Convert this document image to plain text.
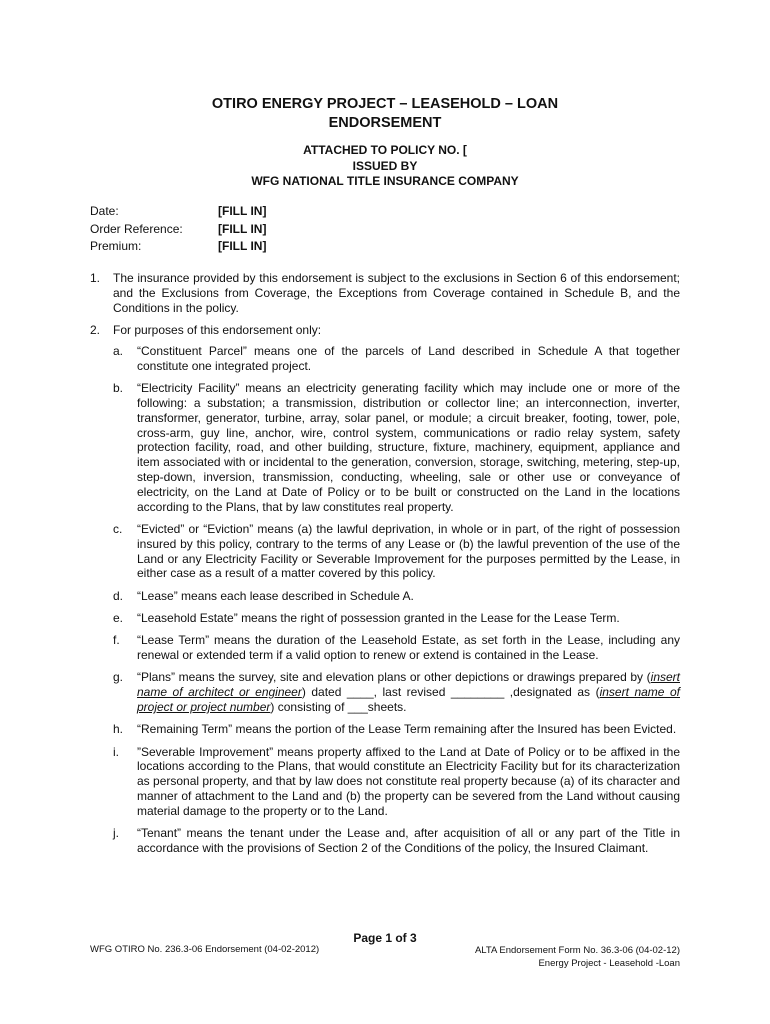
OTIRO ENERGY PROJECT – LEASEHOLD – LOAN
ENDORSEMENT
ATTACHED TO POLICY NO. [
ISSUED BY
WFG NATIONAL TITLE INSURANCE COMPANY
Date:	[FILL IN]
Order Reference:	[FILL IN]
Premium:	[FILL IN]
1.	The insurance provided by this endorsement is subject to the exclusions in Section 6 of this endorsement; and the Exclusions from Coverage, the Exceptions from Coverage contained in Schedule B, and the Conditions in the policy.
2.	For purposes of this endorsement only:
a.	“Constituent Parcel” means one of the parcels of Land described in Schedule A that together constitute one integrated project.
b.	“Electricity Facility” means an electricity generating facility which may include one or more of the following: a substation; a transmission, distribution or collector line; an interconnection, inverter, transformer, generator, turbine, array, solar panel, or module; a circuit breaker, footing, tower, pole, cross-arm, guy line, anchor, wire, control system, communications or radio relay system, safety protection facility, road, and other building, structure, fixture, machinery, equipment, appliance and item associated with or incidental to the generation, conversion, storage, switching, metering, step-up, step-down, inversion, transmission, conducting, wheeling, sale or other use or conveyance of electricity, on the Land at Date of Policy or to be built or constructed on the Land in the locations according to the Plans, that by law constitutes real property.
c.	“Evicted” or “Eviction” means (a) the lawful deprivation, in whole or in part, of the right of possession insured by this policy, contrary to the terms of any Lease or (b) the lawful prevention of the use of the Land or any Electricity Facility or Severable Improvement for the purposes permitted by the Lease, in either case as a result of a matter covered by this policy.
d.	“Lease” means each lease described in Schedule A.
e.	“Leasehold Estate” means the right of possession granted in the Lease for the Lease Term.
f.	“Lease Term” means the duration of the Leasehold Estate, as set forth in the Lease, including any renewal or extended term if a valid option to renew or extend is contained in the Lease.
g.	“Plans” means the survey, site and elevation plans or other depictions or drawings prepared by (insert name of architect or engineer) dated ____, last revised ________ ,designated as (insert name of project or project number) consisting of ___sheets.
h.	“Remaining Term” means the portion of the Lease Term remaining after the Insured has been Evicted.
i.	”Severable Improvement” means property affixed to the Land at Date of Policy or to be affixed in the locations according to the Plans, that would constitute an Electricity Facility but for its characterization as personal property, and that by law does not constitute real property because (a) of its character and manner of attachment to the Land and (b) the property can be severed from the Land without causing material damage to the property or to the Land.
j.	“Tenant” means the tenant under the Lease and, after acquisition of all or any part of the Title in accordance with the provisions of Section 2 of the Conditions of the policy, the Insured Claimant.
Page 1 of 3
WFG OTIRO No. 236.3-06 Endorsement (04-02-2012)	ALTA Endorsement Form No. 36.3-06 (04-02-12)
Energy Project - Leasehold -Loan
